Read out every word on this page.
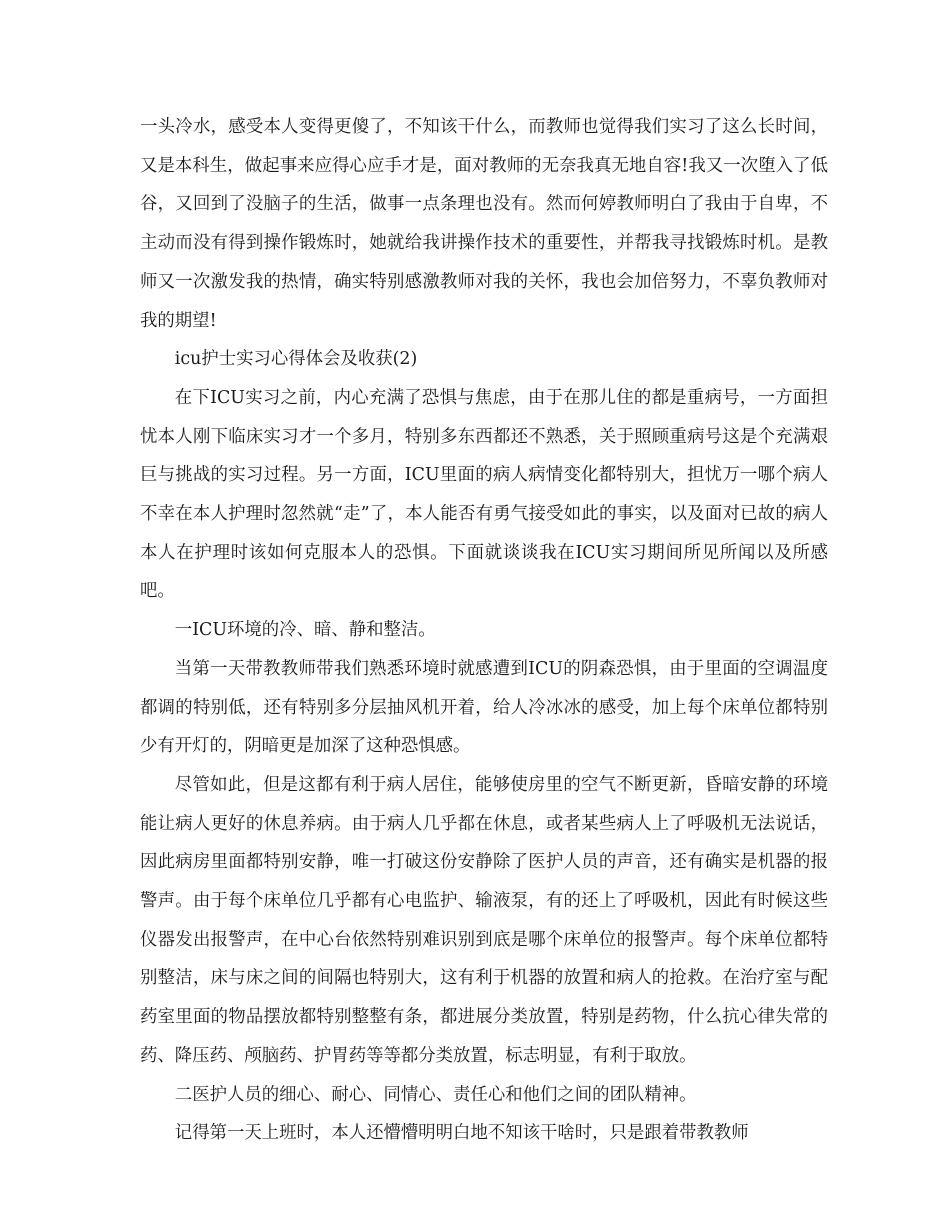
一头冷水，感受本人变得更傻了，不知该干什么，而教师也觉得我们实习了这么长时间， 又是本科生，做起事来应得心应手才是，面对教师的无奈我真无地自容!我又一次堕入了低谷，又回到了没脑子的生活，做事一点条理也没有。然而何婷教师明白了我由于自卑，不主动而没有得到操作锻炼时，她就给我讲操作技术的重要性，并帮我寻找锻炼时机。是教师又一次激发我的热情，确实特别感激教师对我的关怀，我也会加倍努力，不辜负教师对我的期望!

icu护士实习心得体会及收获(2)

在下ICU实习之前，内心充满了恐惧与焦虑，由于在那儿住的都是重病号，一方面担忧本人刚下临床实习才一个多月，特别多东西都还不熟悉，关于照顾重病号这是个充满艰巨与挑战的实习过程。另一方面，ICU里面的病人病情变化都特别大，担忧万一哪个病人不幸在本人护理时忽然就“走”了，本人能否有勇气接受如此的事实，以及面对已故的病人本人在护理时该如何克服本人的恐惧。下面就谈谈我在ICU实习期间所见所闻以及所感吧。

一ICU环境的冷、暗、静和整洁。

当第一天带教教师带我们熟悉环境时就感遭到ICU的阴森恐惧，由于里面的空调温度都调的特别低，还有特别多分层抽风机开着，给人冷冰冰的感受，加上每个床单位都特别少有开灯的，阴暗更是加深了这种恐惧感。

尽管如此，但是这都有利于病人居住，能够使房里的空气不断更新，昏暗安静的环境能让病人更好的休息养病。由于病人几乎都在休息，或者某些病人上了呼吸机无法说话，因此病房里面都特别安静，唯一打破这份安静除了医护人员的声音，还有确实是机器的报警声。由于每个床单位几乎都有心电监护、输液泵，有的还上了呼吸机，因此有时候这些仪器发出报警声，在中心台依然特别难识别到底是哪个床单位的报警声。每个床单位都特别整洁，床与床之间的间隔也特别大，这有利于机器的放置和病人的抢救。在治疗室与配药室里面的物品摆放都特别整整有条，都进展分类放置，特别是药物，什么抗心律失常的药、降压药、颅脑药、护胃药等等都分类放置，标志明显，有利于取放。

二医护人员的细心、耐心、同情心、责任心和他们之间的团队精神。

记得第一天上班时，本人还懵懵明明白地不知该干啥时，只是跟着带教教师
